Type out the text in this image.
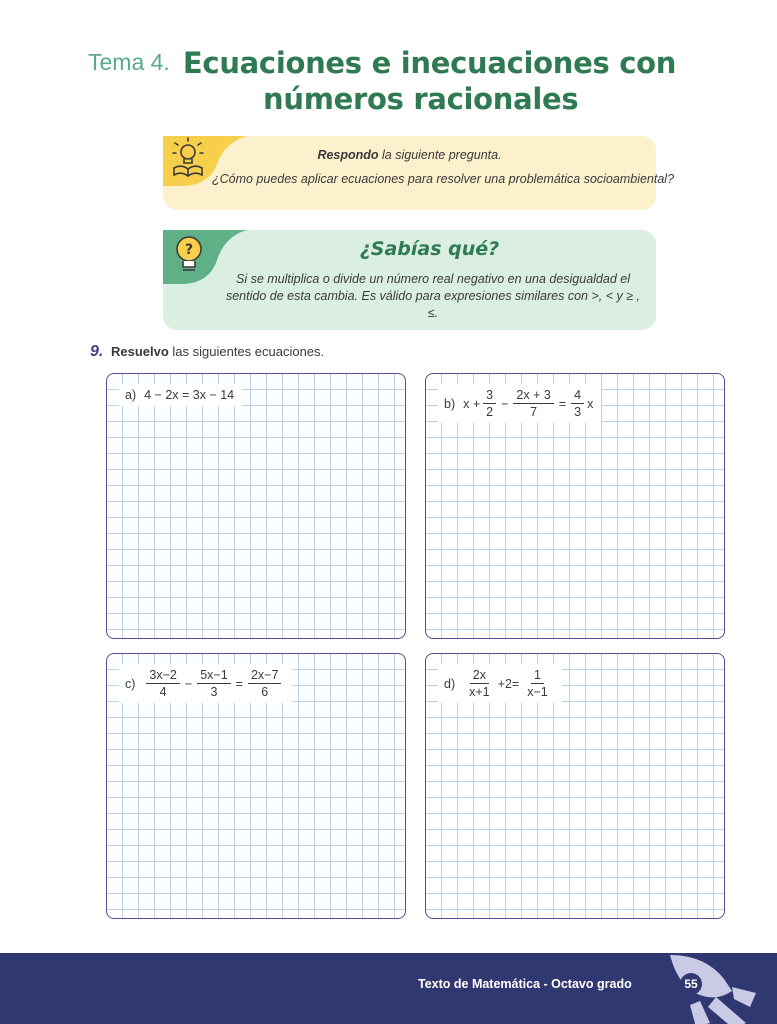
Tema 4. Ecuaciones e inecuaciones con
números racionales
Respondo la siguiente pregunta.
¿Cómo puedes aplicar ecuaciones para resolver una problemática socioambiental?
¿Sabías qué?
Si se multiplica o divide un número real negativo en una desigualdad el sentido de esta cambia. Es válido para expresiones similares con >, < y ≥ , ≤.
?
9. Resuelvo las siguientes ecuaciones.
a) 4 − 2x = 3x − 14
b) $x + \frac{3}{2} - \frac{2x + 3}{7} = \frac{4}{3}$ x
$c) \frac{3x-2}{4} - \frac{5x-1}{3} = \frac{2x-7}{6}$	$d) \frac{2x}{x+1} +2= \frac{1}{x-1}$
Texto de Matemática - Octavo grado	55
